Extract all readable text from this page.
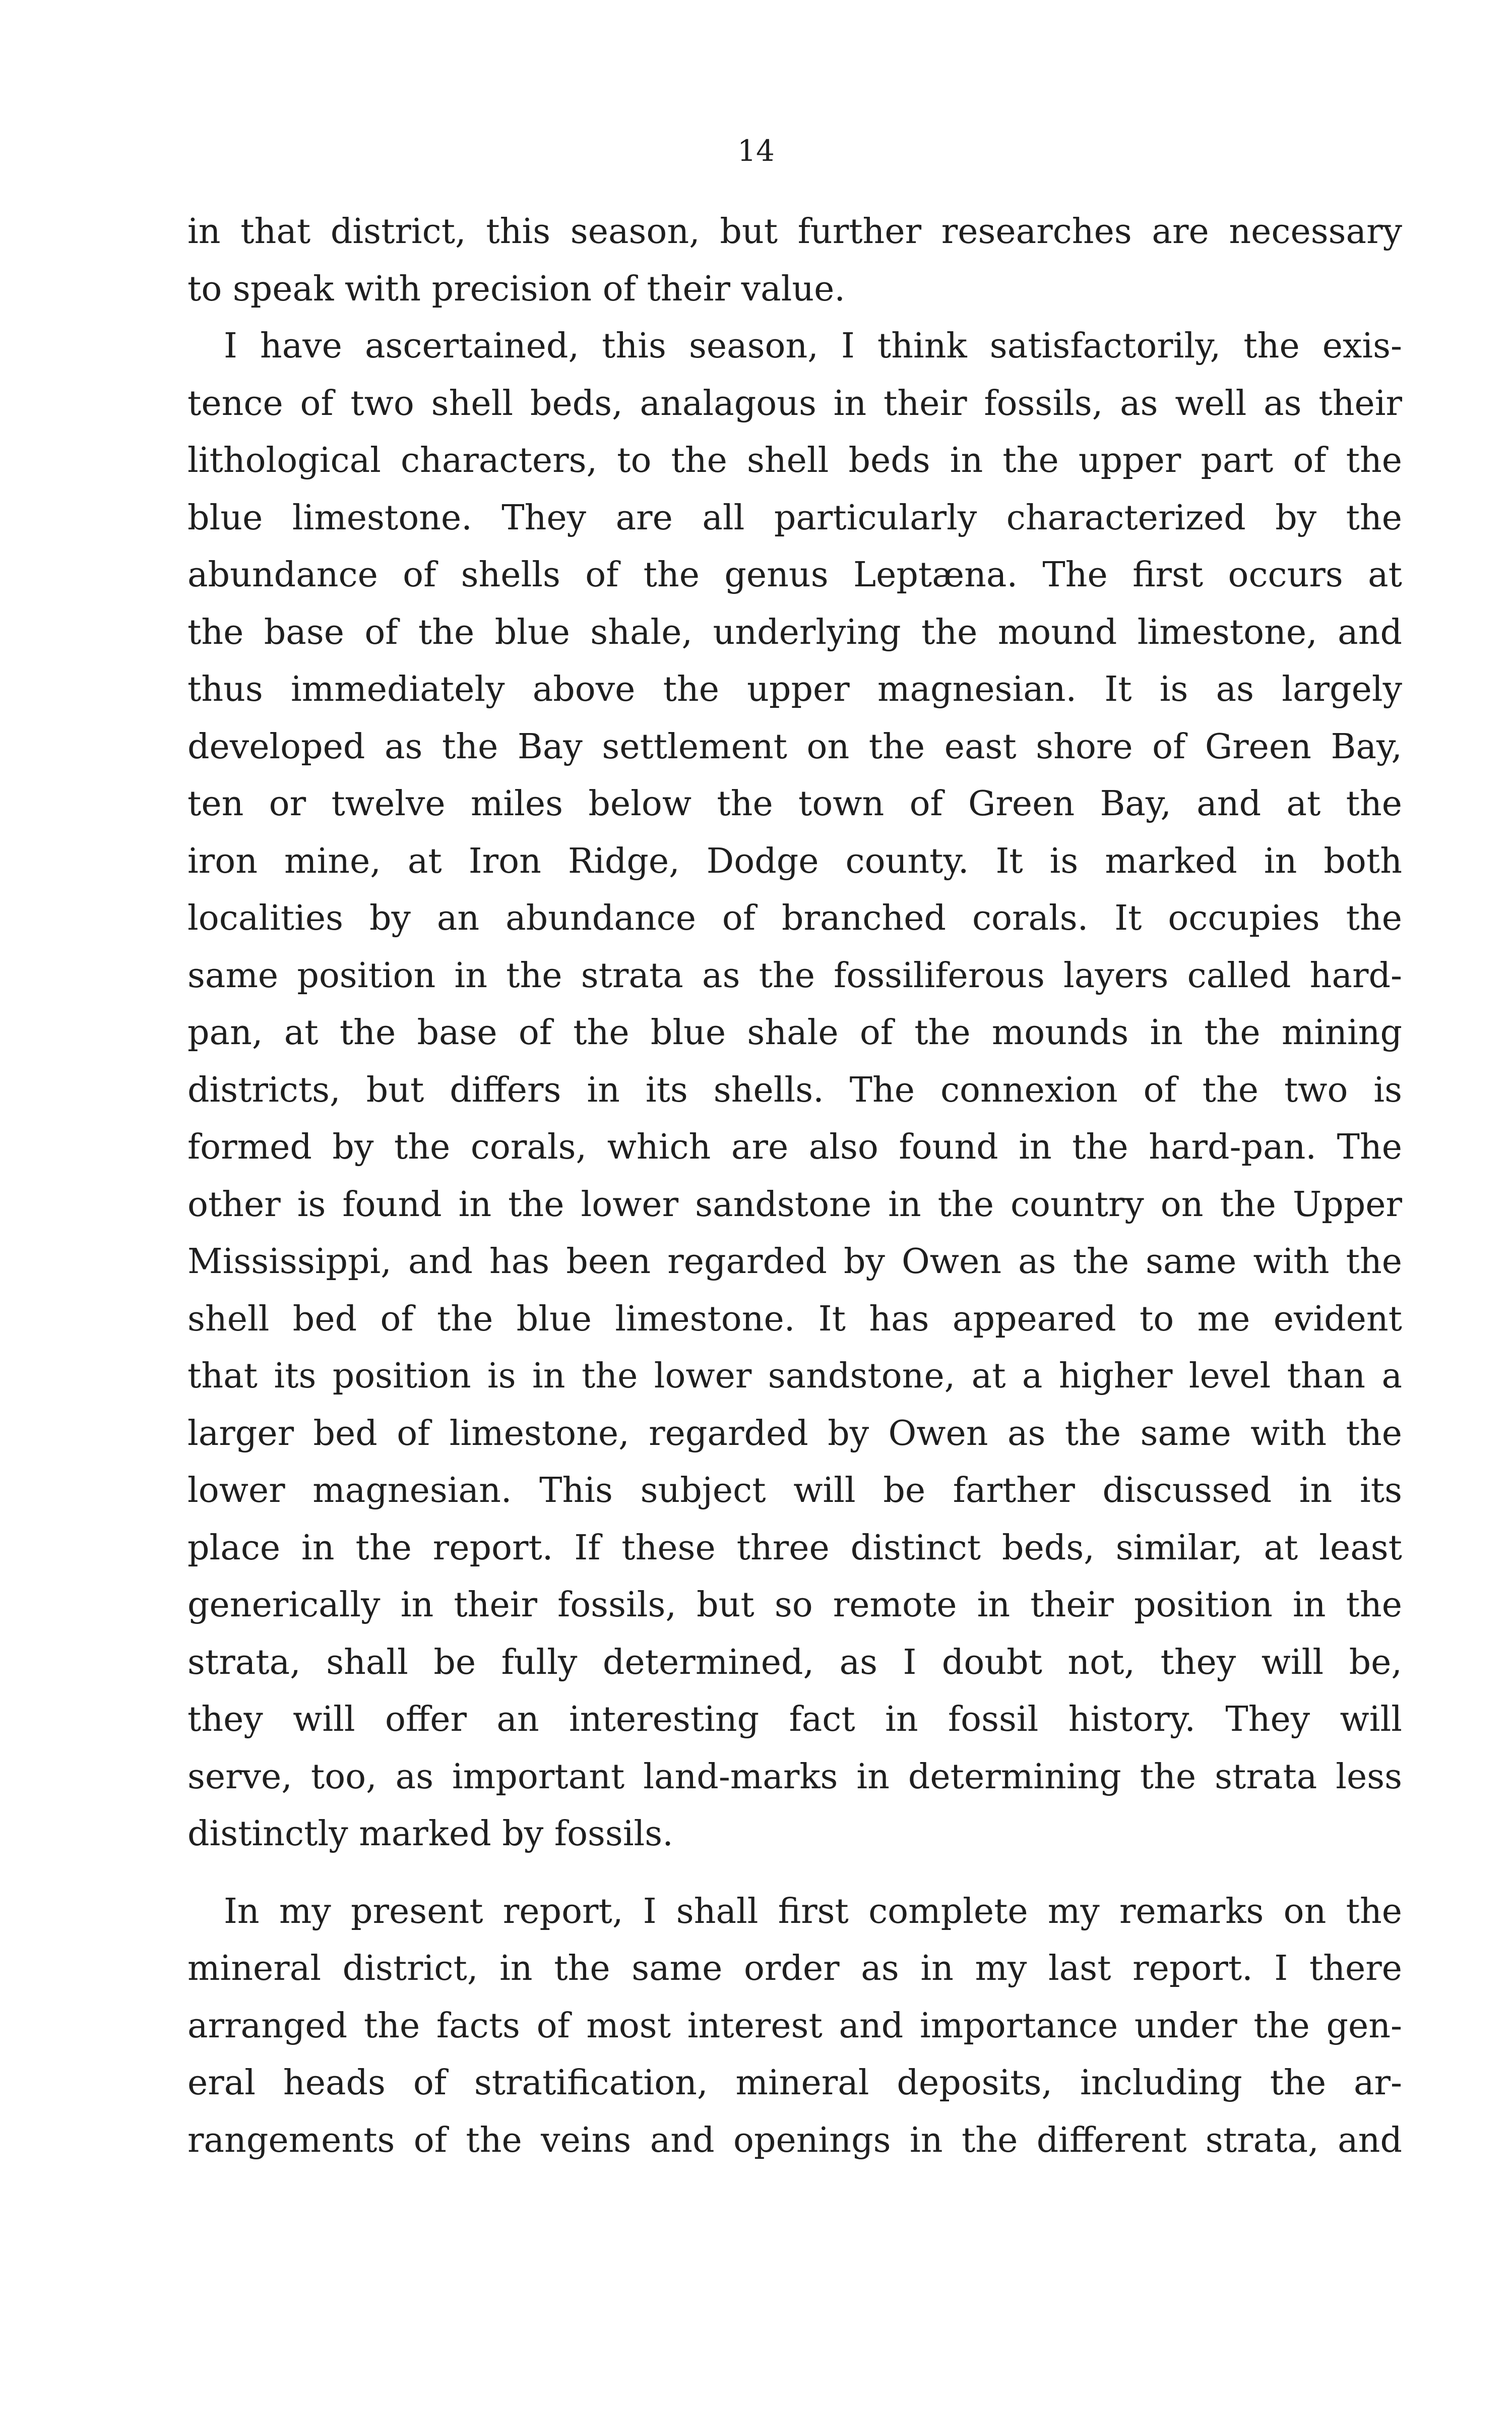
14
in that district, this season, but further researches are necessary
to speak with precision of their value.
I have ascertained, this season, I think satisfactorily, the exis-
tence of two shell beds, analagous in their fossils, as well as their
lithological characters, to the shell beds in the upper part of the
blue limestone. They are all particularly characterized by the
abundance of shells of the genus Leptæna. The first occurs at
the base of the blue shale, underlying the mound limestone, and
thus immediately above the upper magnesian. It is as largely
developed as the Bay settlement on the east shore of Green Bay,
ten or twelve miles below the town of Green Bay, and at the
iron mine, at Iron Ridge, Dodge county. It is marked in both
localities by an abundance of branched corals. It occupies the
same position in the strata as the fossiliferous layers called hard-
pan, at the base of the blue shale of the mounds in the mining
districts, but differs in its shells. The connexion of the two is
formed by the corals, which are also found in the hard-pan. The
other is found in the lower sandstone in the country on the Upper
Mississippi, and has been regarded by Owen as the same with the
shell bed of the blue limestone. It has appeared to me evident
that its position is in the lower sandstone, at a higher level than a
larger bed of limestone, regarded by Owen as the same with the
lower magnesian. This subject will be farther discussed in its
place in the report. If these three distinct beds, similar, at least
generically in their fossils, but so remote in their position in the
strata, shall be fully determined, as I doubt not, they will be,
they will offer an interesting fact in fossil history. They will
serve, too, as important land-marks in determining the strata less
distinctly marked by fossils.
In my present report, I shall first complete my remarks on the
mineral district, in the same order as in my last report. I there
arranged the facts of most interest and importance under the gen-
eral heads of stratification, mineral deposits, including the ar-
rangements of the veins and openings in the different strata, and
